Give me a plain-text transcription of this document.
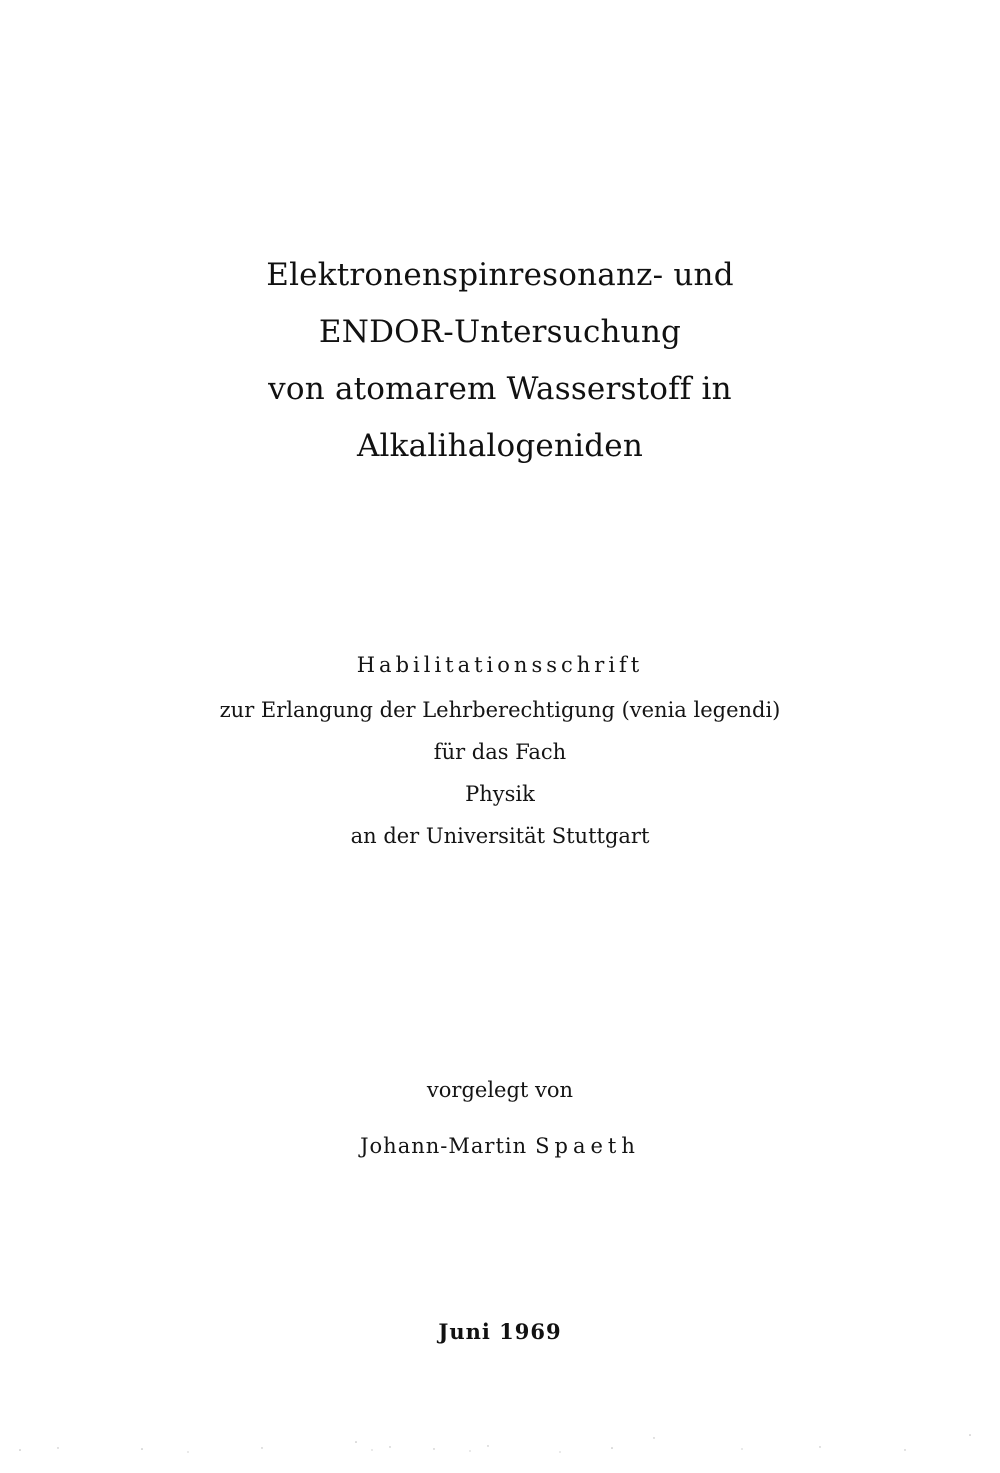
Elektronenspinresonanz- und
ENDOR-Untersuchung
von atomarem Wasserstoff in
Alkalihalogeniden
Habilitationsschrift
zur Erlangung der Lehrberechtigung (venia legendi)
für das Fach
Physik
an der Universität Stuttgart
vorgelegt von
Johann-Martin Spaeth
Juni 1969
